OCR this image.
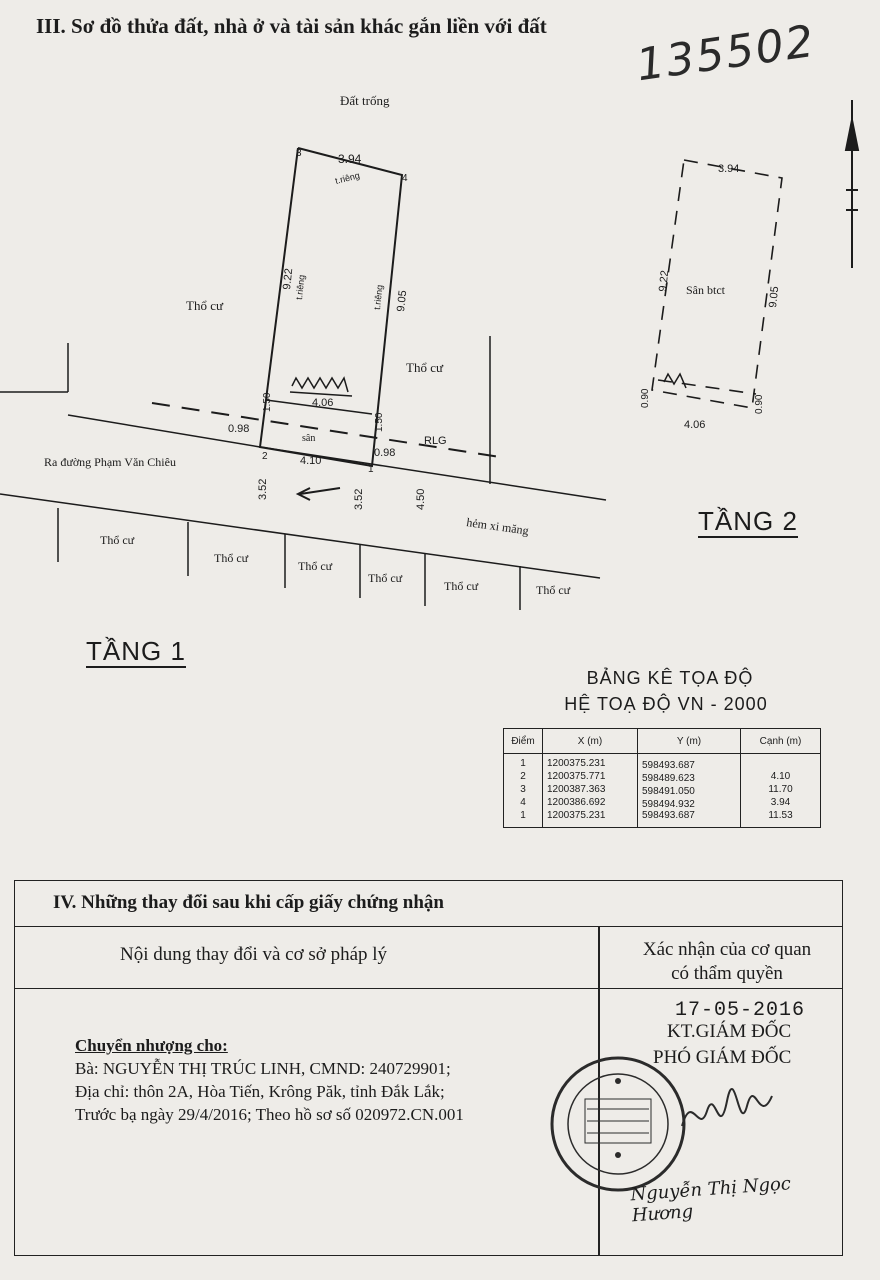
III. Sơ đồ thửa đất, nhà ở và tài sản khác gắn liền với đất 135502
Đất trống
3.94
t.riêng
3
4
2
1
9.22
t.riêng	t.riêng 9.05
Thổ cư
Thổ cư
4.06
sân
4.10
1.50
1.50
0.98
0.98
RLG
Ra đường Phạm Văn Chiêu
hẻm xi măng
3.52	3.52	4.50
Thổ cư
Thổ cư
Thổ cư
Thổ cư
Thổ cư	Thổ cư
3.94
9.22
9.05
Sân btct
4.06
0.90	0.90
TẦNG 2
TẦNG 1
BẢNG KÊ TỌA ĐỘ
HỆ TOẠ ĐỘ VN - 2000
Điểm	X (m)	Y (m)	Cạnh (m)
1	1200375.231	598493.687	
2	1200375.771	598489.623	4.10
3	1200387.363	598491.050	11.70
4	1200386.692	598494.932	3.94
1	1200375.231	598493.687	11.53
IV. Những thay đổi sau khi cấp giấy chứng nhận
Nội dung thay đổi và cơ sở pháp lý	Xác nhận của cơ quan
có thẩm quyền
Chuyển nhượng cho:
Bà: NGUYỄN THỊ TRÚC LINH, CMND: 240729901;
Địa chỉ: thôn 2A, Hòa Tiến, Krông Păk, tỉnh Đắk Lắk;
Trước bạ ngày 29/4/2016; Theo hồ sơ số 020972.CN.001
17-05-2016
KT.GIÁM ĐỐC
PHÓ GIÁM ĐỐC
Nguyễn Thị Ngọc Hương
